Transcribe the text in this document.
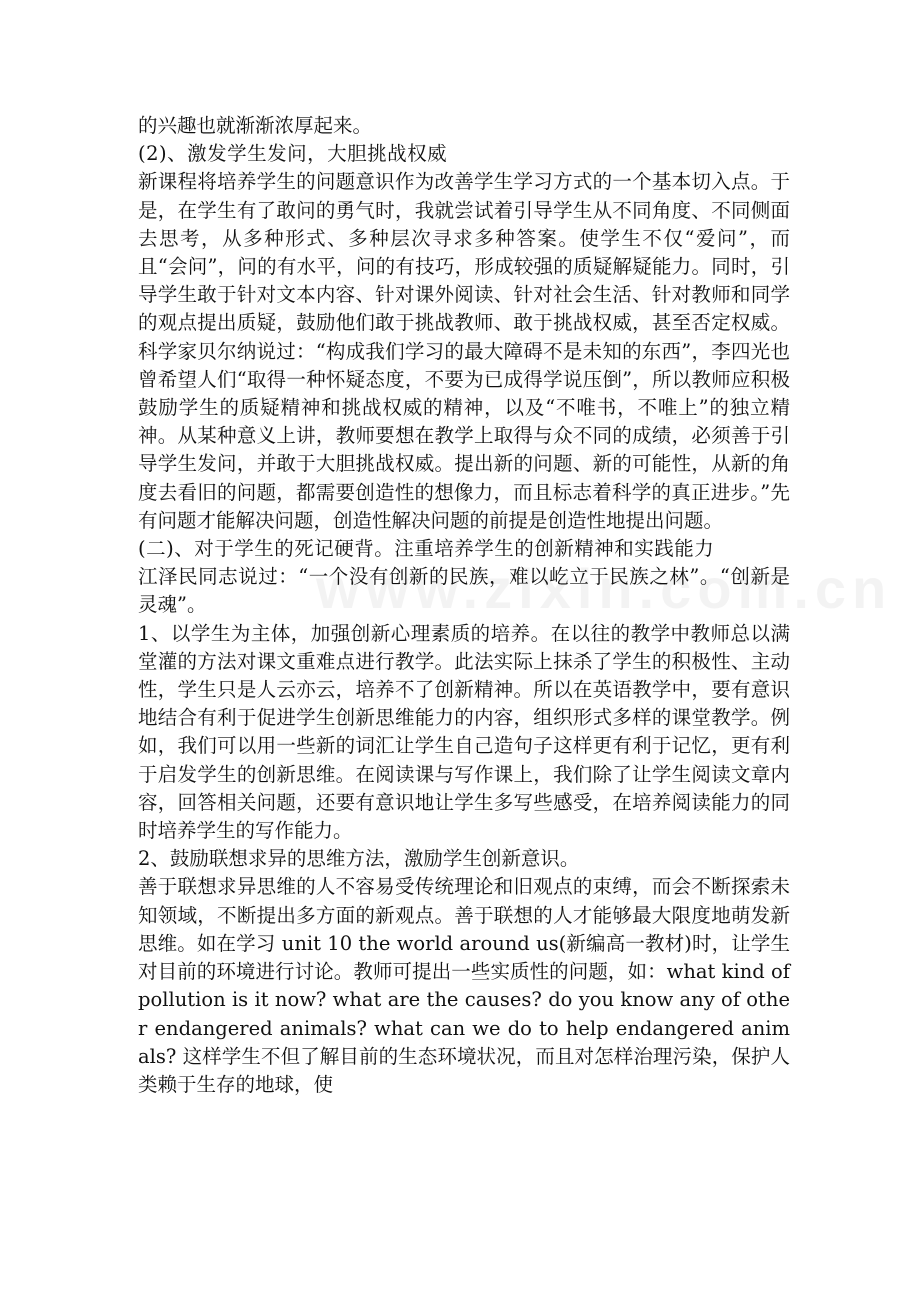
的兴趣也就渐渐浓厚起来。

(2)、激发学生发问，大胆挑战权威

新课程将培养学生的问题意识作为改善学生学习方式的一个基本切入点。于是，在学生有了敢问的勇气时，我就尝试着引导学生从不同角度、不同侧面去思考，从多种形式、多种层次寻求多种答案。使学生不仅“爱问”，而且“会问”，问的有水平，问的有技巧，形成较强的质疑解疑能力。同时，引导学生敢于针对文本内容、针对课外阅读、针对社会生活、针对教师和同学的观点提出质疑，鼓励他们敢于挑战教师、敢于挑战权威，甚至否定权威。科学家贝尔纳说过：“构成我们学习的最大障碍不是未知的东西”，李四光也曾希望人们“取得一种怀疑态度，不要为已成得学说压倒”，所以教师应积极鼓励学生的质疑精神和挑战权威的精神，以及“不唯书，不唯上”的独立精神。从某种意义上讲，教师要想在教学上取得与众不同的成绩，必须善于引导学生发问，并敢于大胆挑战权威。提出新的问题、新的可能性，从新的角度去看旧的问题，都需要创造性的想像力，而且标志着科学的真正进步。”先有问题才能解决问题，创造性解决问题的前提是创造性地提出问题。

(二)、对于学生的死记硬背。注重培养学生的创新精神和实践能力

江泽民同志说过：“一个没有创新的民族，难以屹立于民族之林”。“创新是灵魂”。

1、以学生为主体，加强创新心理素质的培养。在以往的教学中教师总以满堂灌的方法对课文重难点进行教学。此法实际上抹杀了学生的积极性、主动性，学生只是人云亦云，培养不了创新精神。所以在英语教学中，要有意识地结合有利于促进学生创新思维能力的内容，组织形式多样的课堂教学。例如，我们可以用一些新的词汇让学生自己造句子这样更有利于记忆，更有利于启发学生的创新思维。在阅读课与写作课上，我们除了让学生阅读文章内容，回答相关问题，还要有意识地让学生多写些感受，在培养阅读能力的同时培养学生的写作能力。

2、鼓励联想求异的思维方法，激励学生创新意识。

善于联想求异思维的人不容易受传统理论和旧观点的束缚，而会不断探索未知领域，不断提出多方面的新观点。善于联想的人才能够最大限度地萌发新思维。如在学习 unit 10 the world around us(新编高一教材)时，让学生对目前的环境进行讨论。教师可提出一些实质性的问题，如：what kind of pollution is it now? what are the causes? do you know any of other endangered animals? what can we do to help endangered animals? 这样学生不但了解目前的生态环境状况，而且对怎样治理污染，保护人类赖于生存的地球，使
